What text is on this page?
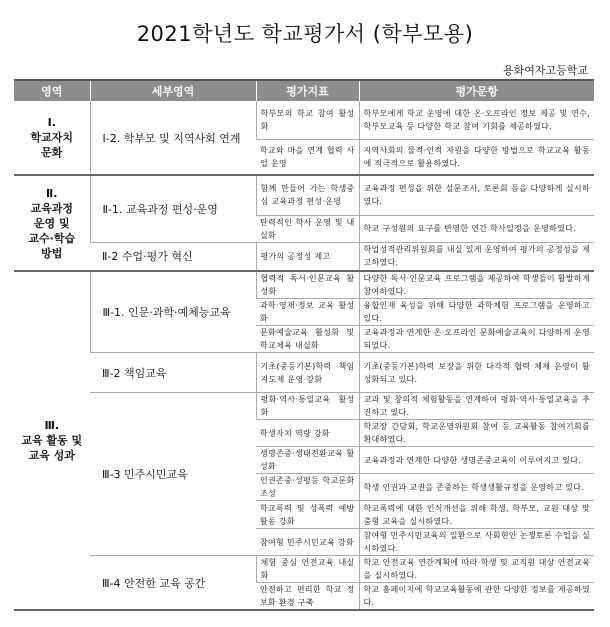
2021학년도 학교평가서 (학부모용)
용화여자고등학교
영역	세부영역	평가지표	평가문항
Ⅰ.
학교자치
문화	Ⅰ-2. 학부모 및 지역사회 연계	학부모의 학교 참여 활성화	학부모에게 학교 운영에 대한 온·오프라인 정보 제공 및 연수, 학부모교육 등 다양한 학교 참여 기회를 제공하였다.
		학교와 마을 연계 협력 사업 운영	지역사회의 물적·인적 자원을 다양한 방법으로 학교교육 활동에 적극적으로 활용하였다.
Ⅱ.
교육과정
운영 및
교수·학습
방법	Ⅱ-1. 교육과정 편성·운영	함께 만들어 가는 학생중심 교육과정 편성·운영	교육과정 편성을 위한 설문조사, 토론회 등을 다양하게 실시하였다.
		탄력적인 학사 운영 및 내실화	학교 구성원의 요구를 반영한 연간 학사일정을 운영하였다.
	Ⅱ-2 수업·평가 혁신	평가의 공정성 제고	학업성적관리위원회를 내실 있게 운영하여 평가의 공정성을 제고하였다.
Ⅲ.
교육 활동 및
교육 성과	Ⅲ-1. 인문·과학·예체능교육	협력적 독서·인문교육 활성화	다양한 독서·인문교육 프로그램을 제공하여 학생들이 활발하게 참여하였다.
		과학·영재·정보 교육 활성화	융합인재 육성을 위해 다양한 과학체험 프로그램을 운영하고 있다.
		문화예술교육 활성화 및 학교체육 내실화	교육과정과 연계한 온·오프라인 문화예술교육이 다양하게 운영되었다.
	Ⅲ-2 책임교육	기초(중등기본)학력 책임지도제 운영 강화	기초(중등기본)학력 보장을 위한 다각적 협력 체제 운영이 활성화되고 있다.
	Ⅲ-3 민주시민교육	평화·역사·통일교육 활성화	교과 및 창의적 체험활동을 연계하여 평화·역사·통일교육을 추진하고 있다.
		학생자치 역량 강화	학교장 간담회, 학교운영위원회 참여 등 교육활동 참여기회를 확대하였다.
		생명존중·생태전환교육 활성화	교육과정과 연계한 다양한 생명존중교육이 이루어지고 있다.
		인권존중·성평등 학교문화 조성	학생 인권과 교권을 존중하는 학생생활규정을 운영하고 있다.
		학교폭력 및 성폭력 예방활동 강화	학교폭력에 대한 인식개선을 위해 학생, 학부모, 교원 대상 맞춤형 교육을 실시하였다.
		참여형 민주시민교육 강화	참여형 민주시민교육의 일환으로 사회현안 논쟁토론 수업을 실시하였다.
	Ⅲ-4 안전한 교육 공간	체험 중심 안전교육 내실화	학교 안전교육 연간계획에 따라 학생 및 교직원 대상 안전교육을 실시하였다.
		안전하고 편리한 학교 정보화 환경 구축	학교 홈페이지에 학교교육활동에 관한 다양한 정보를 제공하였다.
